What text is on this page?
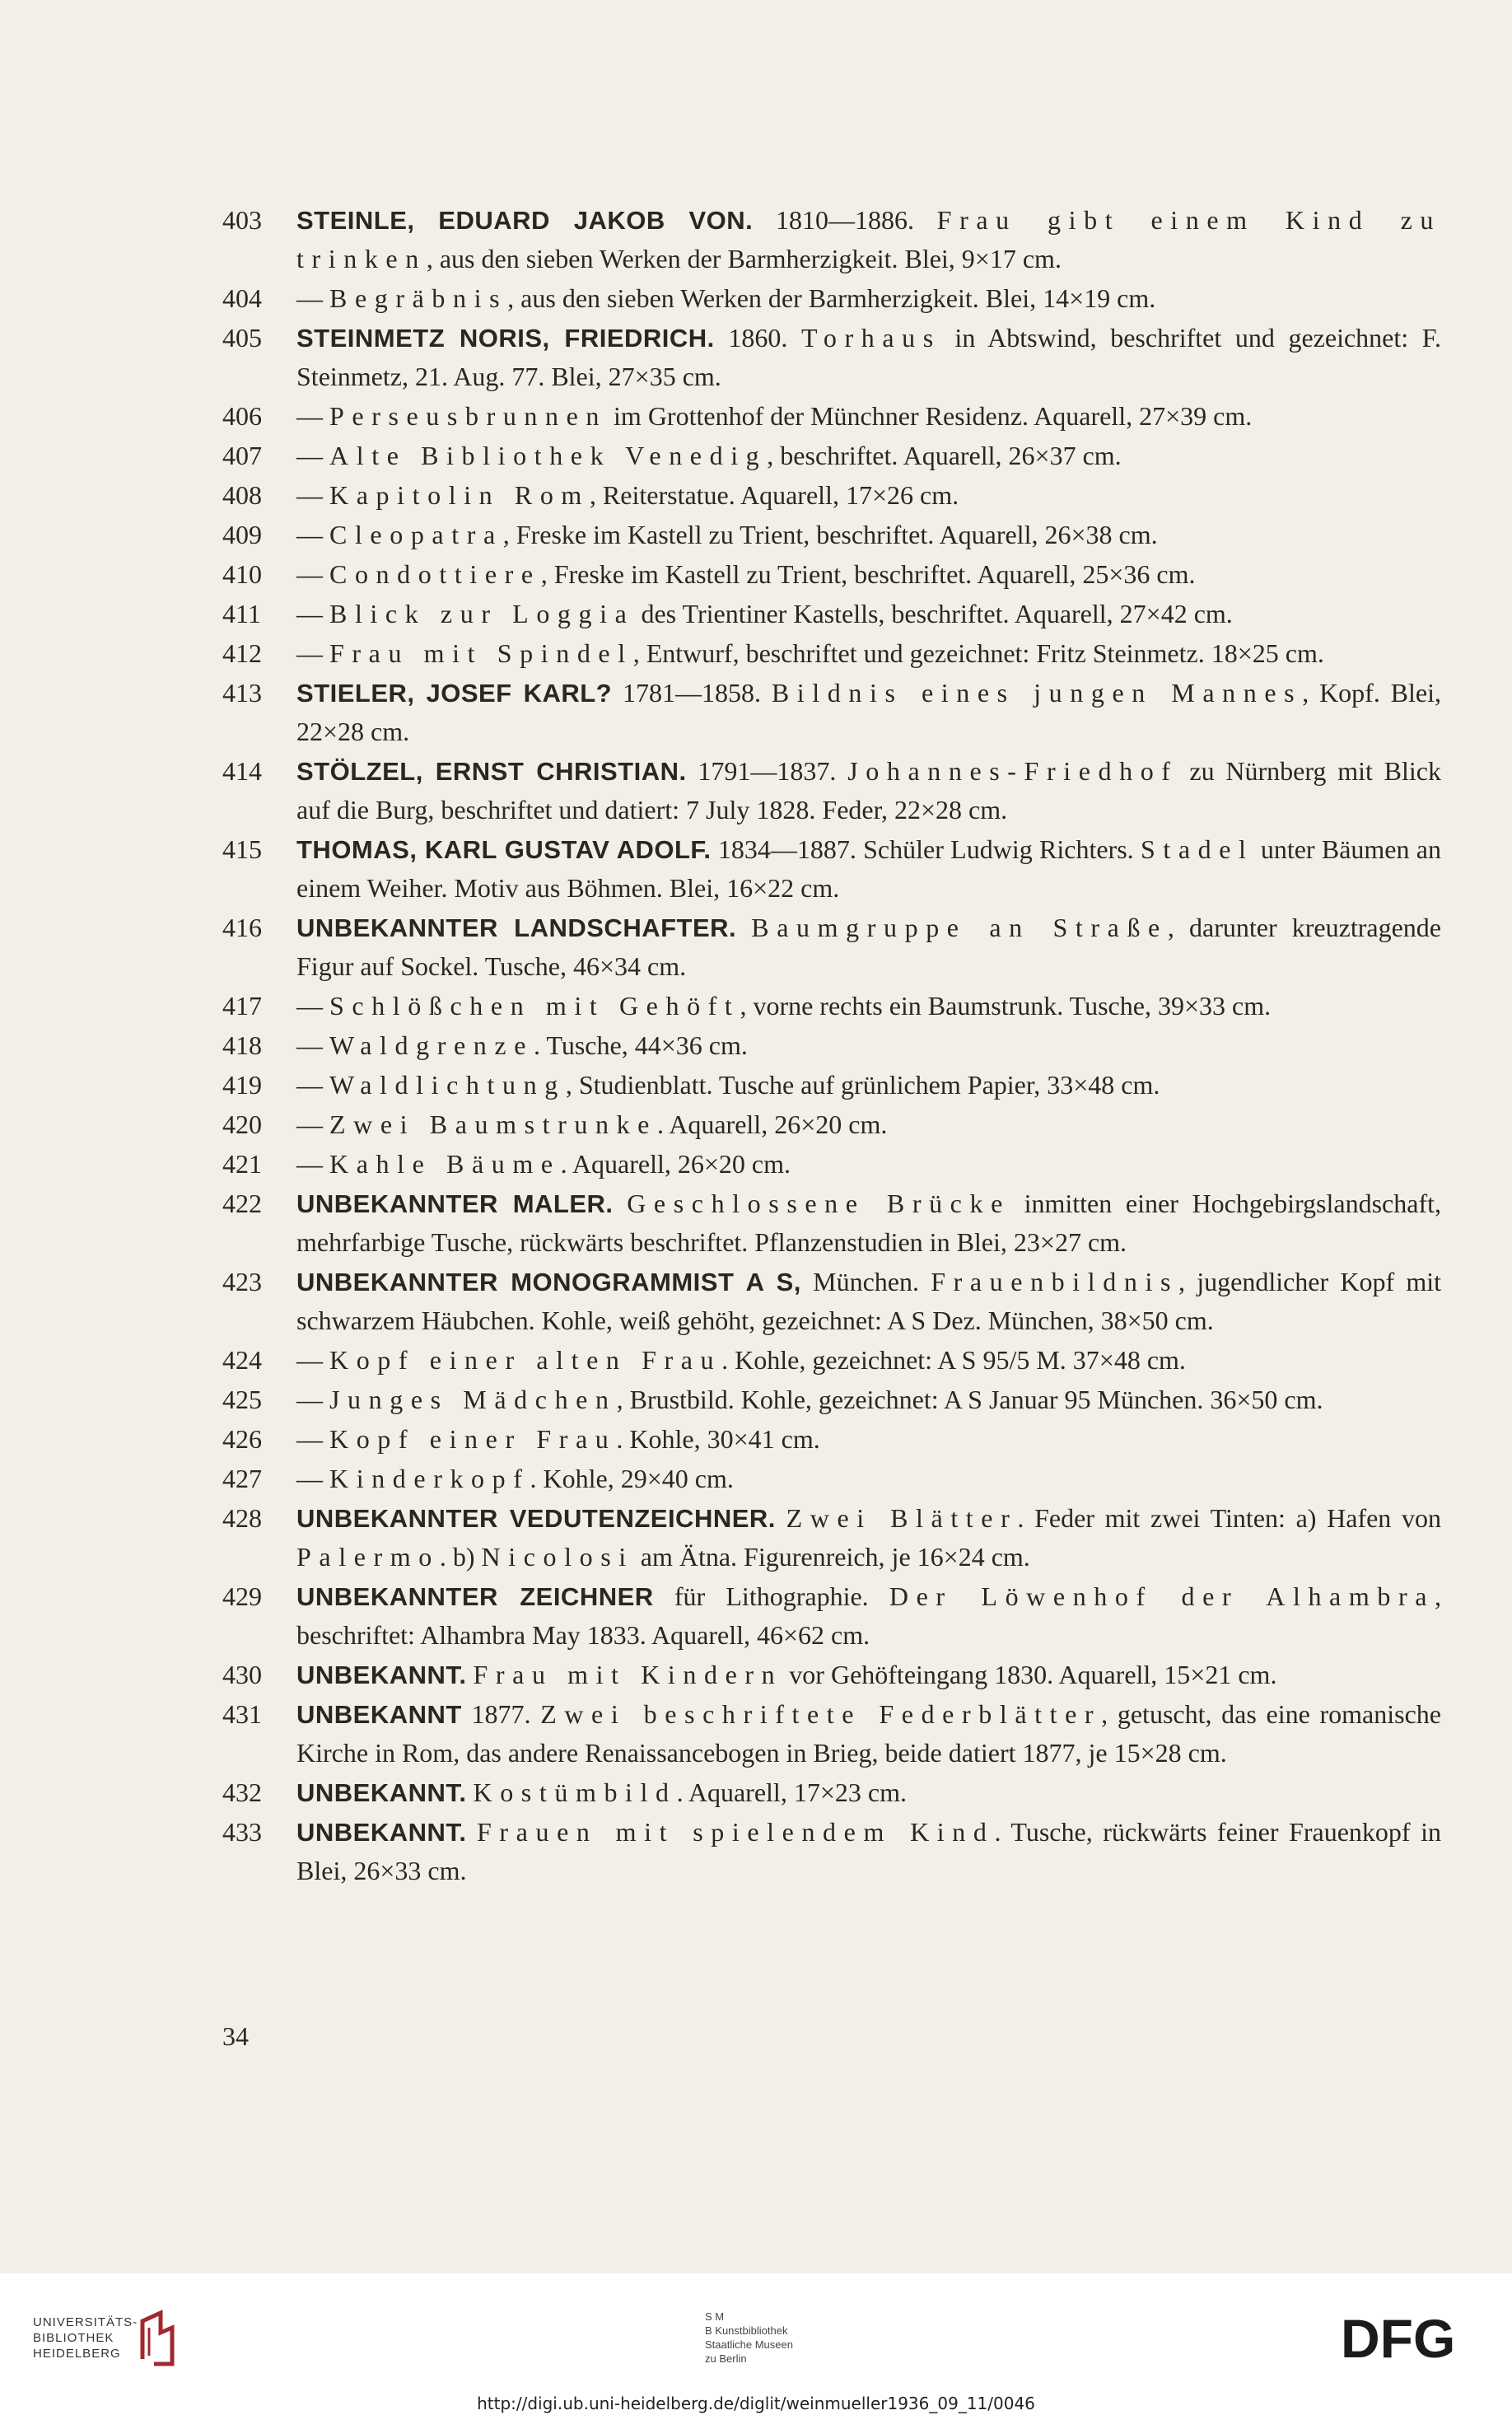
403	STEINLE, EDUARD JAKOB VON. 1810—1886. Frau gibt einem Kind zu trinken, aus den sieben Werken der Barmherzigkeit. Blei, 9×17 cm.
404	— Begräbnis, aus den sieben Werken der Barmherzigkeit. Blei, 14×19 cm.
405	STEINMETZ NORIS, FRIEDRICH. 1860. Torhaus in Abtswind, beschriftet und gezeichnet: F. Steinmetz, 21. Aug. 77. Blei, 27×35 cm.
406	— Perseusbrunnen im Grottenhof der Münchner Residenz. Aquarell, 27×39 cm.
407	— Alte Bibliothek Venedig, beschriftet. Aquarell, 26×37 cm.
408	— Kapitolin Rom, Reiterstatue. Aquarell, 17×26 cm.
409	— Cleopatra, Freske im Kastell zu Trient, beschriftet. Aquarell, 26×38 cm.
410	— Condottiere, Freske im Kastell zu Trient, beschriftet. Aquarell, 25×36 cm.
411	— Blick zur Loggia des Trientiner Kastells, beschriftet. Aquarell, 27×42 cm.
412	— Frau mit Spindel, Entwurf, beschriftet und gezeichnet: Fritz Steinmetz. 18×25 cm.
413	STIELER, JOSEF KARL? 1781—1858. Bildnis eines jungen Mannes, Kopf. Blei, 22×28 cm.
414	STÖLZEL, ERNST CHRISTIAN. 1791—1837. Johannes-Friedhof zu Nürnberg mit Blick auf die Burg, beschriftet und datiert: 7 July 1828. Feder, 22×28 cm.
415	THOMAS, KARL GUSTAV ADOLF. 1834—1887. Schüler Ludwig Richters. Stadel unter Bäumen an einem Weiher. Motiv aus Böhmen. Blei, 16×22 cm.
416	UNBEKANNTER LANDSCHAFTER. Baumgruppe an Straße, darunter kreuztragende Figur auf Sockel. Tusche, 46×34 cm.
417	— Schlößchen mit Gehöft, vorne rechts ein Baumstrunk. Tusche, 39×33 cm.
418	— Waldgrenze. Tusche, 44×36 cm.
419	— Waldlichtung, Studienblatt. Tusche auf grünlichem Papier, 33×48 cm.
420	— Zwei Baumstrunke. Aquarell, 26×20 cm.
421	— Kahle Bäume. Aquarell, 26×20 cm.
422	UNBEKANNTER MALER. Geschlossene Brücke inmitten einer Hochgebirgslandschaft, mehrfarbige Tusche, rückwärts beschriftet. Pflanzenstudien in Blei, 23×27 cm.
423	UNBEKANNTER MONOGRAMMIST A S, München. Frauenbildnis, jugendlicher Kopf mit schwarzem Häubchen. Kohle, weiß gehöht, gezeichnet: A S Dez. München, 38×50 cm.
424	— Kopf einer alten Frau. Kohle, gezeichnet: A S 95/5 M. 37×48 cm.
425	— Junges Mädchen, Brustbild. Kohle, gezeichnet: A S Januar 95 München. 36×50 cm.
426	— Kopf einer Frau. Kohle, 30×41 cm.
427	— Kinderkopf. Kohle, 29×40 cm.
428	UNBEKANNTER VEDUTENZEICHNER. Zwei Blätter. Feder mit zwei Tinten: a) Hafen von Palermo. b) Nicolosi am Ätna. Figurenreich, je 16×24 cm.
429	UNBEKANNTER ZEICHNER für Lithographie. Der Löwenhof der Alhambra, beschriftet: Alhambra May 1833. Aquarell, 46×62 cm.
430	UNBEKANNT. Frau mit Kindern vor Gehöfteingang 1830. Aquarell, 15×21 cm.
431	UNBEKANNT 1877. Zwei beschriftete Federblätter, getuscht, das eine romanische Kirche in Rom, das andere Renaissancebogen in Brieg, beide datiert 1877, je 15×28 cm.
432	UNBEKANNT. Kostümbild. Aquarell, 17×23 cm.
433	UNBEKANNT. Frauen mit spielendem Kind. Tusche, rückwärts feiner Frauenkopf in Blei, 26×33 cm.
34
UNIVERSITÄTS-
BIBLIOTHEK
HEIDELBERG
S M
B Kunstbibliothek
Staatliche Museen
zu Berlin	DFG
http://digi.ub.uni-heidelberg.de/diglit/weinmueller1936_09_11/0046
